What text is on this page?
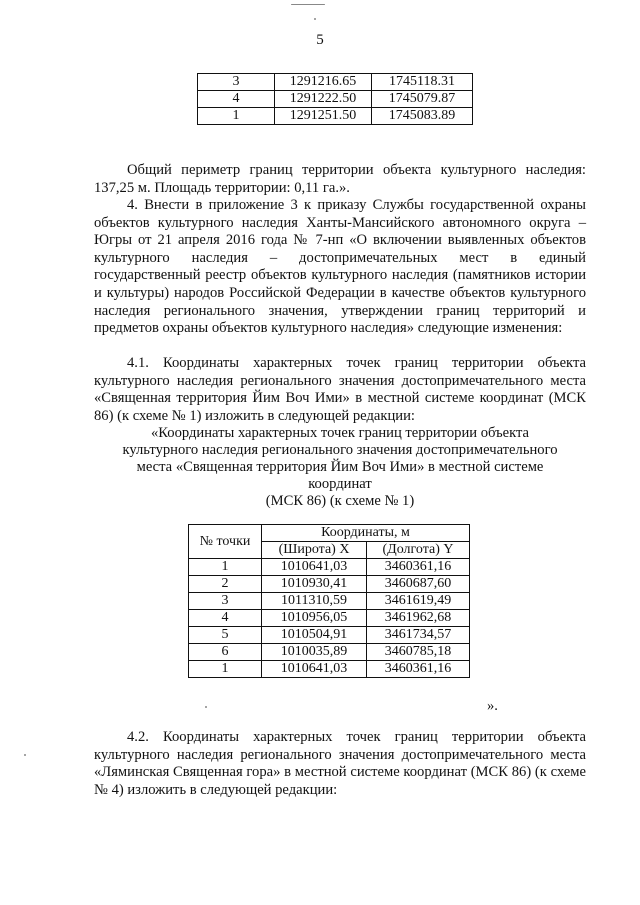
5
3	1291216.65	1745118.31
4	1291222.50	1745079.87
1	1291251.50	1745083.89

Общий периметр границ территории объекта культурного наследия: 137,25 м. Площадь территории: 0,11 га.».

4. Внести в приложение 3 к приказу Службы государственной охраны объектов культурного наследия Ханты-Мансийского автономного округа – Югры от 21 апреля 2016 года № 7-нп «О включении выявленных объектов культурного наследия – достопримечательных мест в единый государственный реестр объектов культурного наследия (памятников истории и культуры) народов Российской Федерации в качестве объектов культурного наследия регионального значения, утверждении границ территорий и предметов охраны объектов культурного наследия» следующие изменения:

4.1. Координаты характерных точек границ территории объекта культурного наследия регионального значения достопримечательного места «Священная территория Йим Воч Ими» в местной системе координат (МСК 86) (к схеме № 1) изложить в следующей редакции:

«Координаты характерных точек границ территории объекта
культурного наследия регионального значения достопримечательного
места «Священная территория Йим Воч Ими» в местной системе
координат
(МСК 86) (к схеме № 1)
№ точки	Координаты, м	
	(Широта) X	(Долгота) Y
1	1010641,03	3460361,16
2	1010930,41	3460687,60
3	1011310,59	3461619,49
4	1010956,05	3461962,68
5	1010504,91	3461734,57
6	1010035,89	3460785,18
1	1010641,03	3460361,16
».

4.2. Координаты характерных точек границ территории объекта культурного наследия регионального значения достопримечательного места «Ляминская Священная гора» в местной системе координат (МСК 86) (к схеме № 4) изложить в следующей редакции:
